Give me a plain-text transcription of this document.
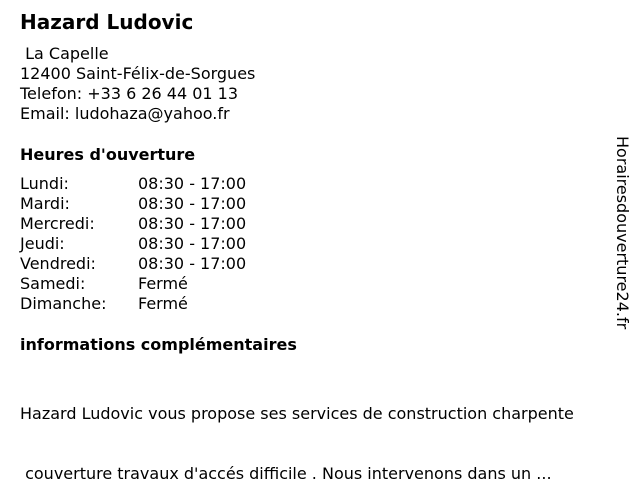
Hazard Ludovic
La Capelle
12400 Saint-Félix-de-Sorgues
Telefon: +33 6 26 44 01 13
Email: ludohaza@yahoo.fr
Heures d'ouverture
Lundi:	08:30 - 17:00
Mardi:	08:30 - 17:00
Mercredi:	08:30 - 17:00
Jeudi:	08:30 - 17:00
Vendredi:	08:30 - 17:00
Samedi:	Fermé
Dimanche: Fermé
informations complémentaires

Hazard Ludovic vous propose ses services de construction charpente

couverture travaux d'accés difficile . Nous intervenons dans un ...

Horairesdouverture24.fr
